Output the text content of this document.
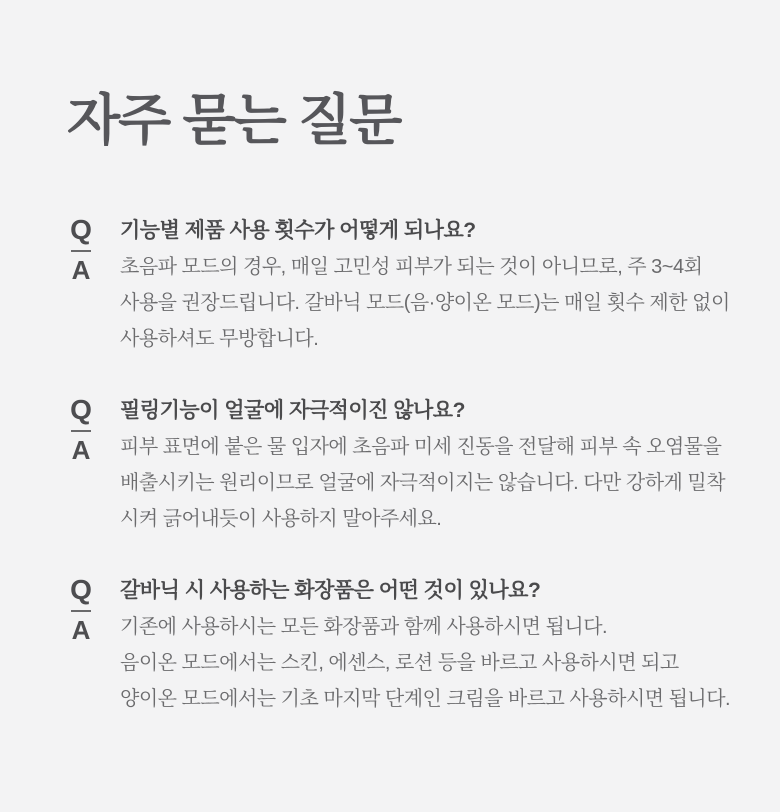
자주 묻는 질문
Q
A
기능별 제품 사용 횟수가 어떻게 되나요?
초음파 모드의 경우, 매일 고민성 피부가 되는 것이 아니므로, 주 3~4회
사용을 권장드립니다. 갈바닉 모드(음·양이온 모드)는 매일 횟수 제한 없이
사용하셔도 무방합니다.
Q
A
필링기능이 얼굴에 자극적이진 않나요?
피부 표면에 붙은 물 입자에 초음파 미세 진동을 전달해 피부 속 오염물을
배출시키는 원리이므로 얼굴에 자극적이지는 않습니다. 다만 강하게 밀착
시켜 긁어내듯이 사용하지 말아주세요.
Q
A
갈바닉 시 사용하는 화장품은 어떤 것이 있나요?
기존에 사용하시는 모든 화장품과 함께 사용하시면 됩니다.
음이온 모드에서는 스킨, 에센스, 로션 등을 바르고 사용하시면 되고
양이온 모드에서는 기초 마지막 단계인 크림을 바르고 사용하시면 됩니다.
